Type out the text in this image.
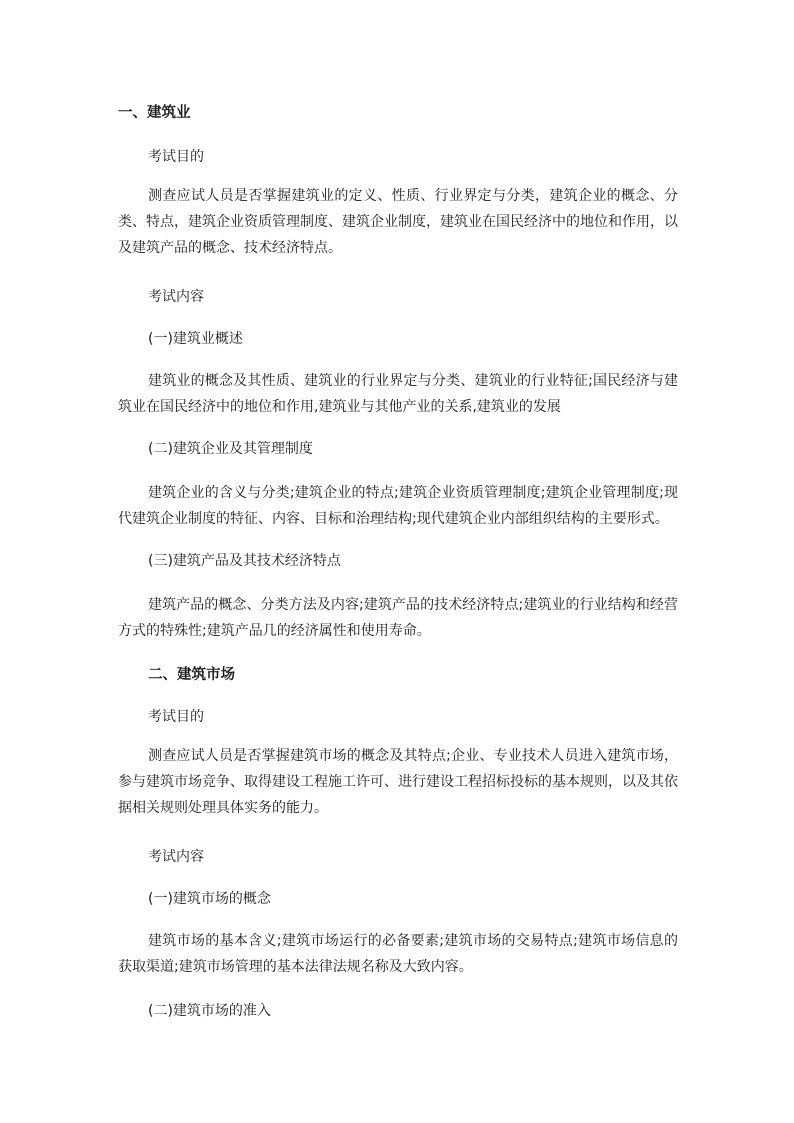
一、建筑业
考试目的

测查应试人员是否掌握建筑业的定义、性质、行业界定与分类，建筑企业的概念、分类、特点，建筑企业资质管理制度、建筑企业制度，建筑业在国民经济中的地位和作用，以及建筑产品的概念、技术经济特点。

考试内容
(一)建筑业概述

建筑业的概念及其性质、建筑业的行业界定与分类、建筑业的行业特征;国民经济与建筑业在国民经济中的地位和作用,建筑业与其他产业的关系,建筑业的发展

(二)建筑企业及其管理制度

建筑企业的含义与分类;建筑企业的特点;建筑企业资质管理制度;建筑企业管理制度;现代建筑企业制度的特征、内容、目标和治理结构;现代建筑企业内部组织结构的主要形式。

(三)建筑产品及其技术经济特点

建筑产品的概念、分类方法及内容;建筑产品的技术经济特点;建筑业的行业结构和经营方式的特殊性;建筑产品几的经济属性和使用寿命。

二、建筑市场
考试目的

测查应试人员是否掌握建筑市场的概念及其特点;企业、专业技术人员进入建筑市场，参与建筑市场竞争、取得建设工程施工许可、进行建设工程招标投标的基本规则，以及其依据相关规则处理具体实务的能力。

考试内容
(一)建筑市场的概念

建筑市场的基本含义;建筑市场运行的必备要素;建筑市场的交易特点;建筑市场信息的获取渠道;建筑市场管理的基本法律法规名称及大致内容。

(二)建筑市场的准入
